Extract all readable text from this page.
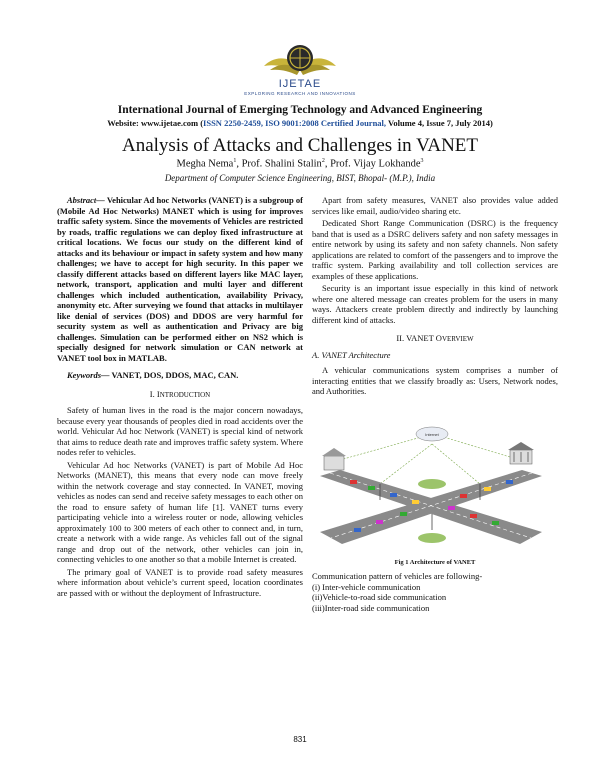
IJETAE
EXPLORING RESEARCH AND INNOVATIONS
International Journal of Emerging Technology and Advanced Engineering
Website: www.ijetae.com (ISSN 2250-2459, ISO 9001:2008 Certified Journal, Volume 4, Issue 7, July 2014)
Analysis of Attacks and Challenges in VANET
Megha Nema$^1$, Prof. Shalini Stalin$^2$, Prof. Vijay Lokhande$^3$
Department of Computer Science Engineering, BIST, Bhopal- (M.P.), India

Abstract— Vehicular Ad hoc Networks (VANET) is a subgroup of (Mobile Ad Hoc Networks) MANET which is using for improves traffic safety system. Since the movements of Vehicles are restricted by roads, traffic regulations we can deploy fixed infrastructure at critical locations. We focus our study on the different kind of attacks and its behaviour or impact in safety system and how many challenges; we have to accept for high security. In this paper we classify different attacks based on different layers like MAC layer, network, transport, application and multi layer and different challenges which included authentication, availability Privacy, anonymity etc. After surveying we found that attacks in multilayer like denial of services (DOS) and DDOS are very harmful for security system as well as authentication and Privacy are big challenges. Simulation can be performed either on NS2 which is specially designed for network simulation or CAN network at VANET tool box in MATLAB.

Keywords— VANET, DOS, DDOS, MAC, CAN.

I. INTRODUCTION

Safety of human lives in the road is the major concern nowadays, because every year thousands of peoples died in road accidents over the world. Vehicular Ad hoc Network (VANET) is special kind of network that aims to reduce death rate and improves traffic safety system. Where nodes refer to vehicles.

Vehicular Ad hoc Networks (VANET) is part of Mobile Ad Hoc Networks (MANET), this means that every node can move freely within the network coverage and stay connected. In VANET, moving vehicles as nodes can send and receive safety messages to each other on the road to ensure safety of human life [1]. VANET turns every participating vehicle into a wireless router or node, allowing vehicles approximately 100 to 300 meters of each other to connect and, in turn, create a network with a wide range. As vehicles fall out of the signal range and drop out of the network, other vehicles can join in, connecting vehicles to one another so that a mobile Internet is created.

The primary goal of VANET is to provide road safety measures where information about vehicle’s current speed, location coordinates are passed with or without the deployment of Infrastructure.

Apart from safety measures, VANET also provides value added services like email, audio/video sharing etc.

Dedicated Short Range Communication (DSRC) is the frequency band that is used as a DSRC delivers safety and non safety messages in entire network by using its safety and non safety channels. Non safety applications are related to comfort of the passengers and to improve the traffic system. Parking availability and toll collection services are examples of these applications.

Security is an important issue especially in this kind of network where one altered message can creates problem for the users in many ways. Attackers create problem directly and indirectly by launching different kind of attacks.

II. VANET OVERVIEW

A. VANET Architecture

A vehicular communications system comprises a number of interacting entities that we classify broadly as: Users, Network nodes, and Authorities.

Internet
Fig 1 Architecture of VANET

Communication pattern of vehicles are following-

(i) Inter-vehicle communication

(ii)Vehicle-to-road side communication

(iii)Inter-road side communication

831
